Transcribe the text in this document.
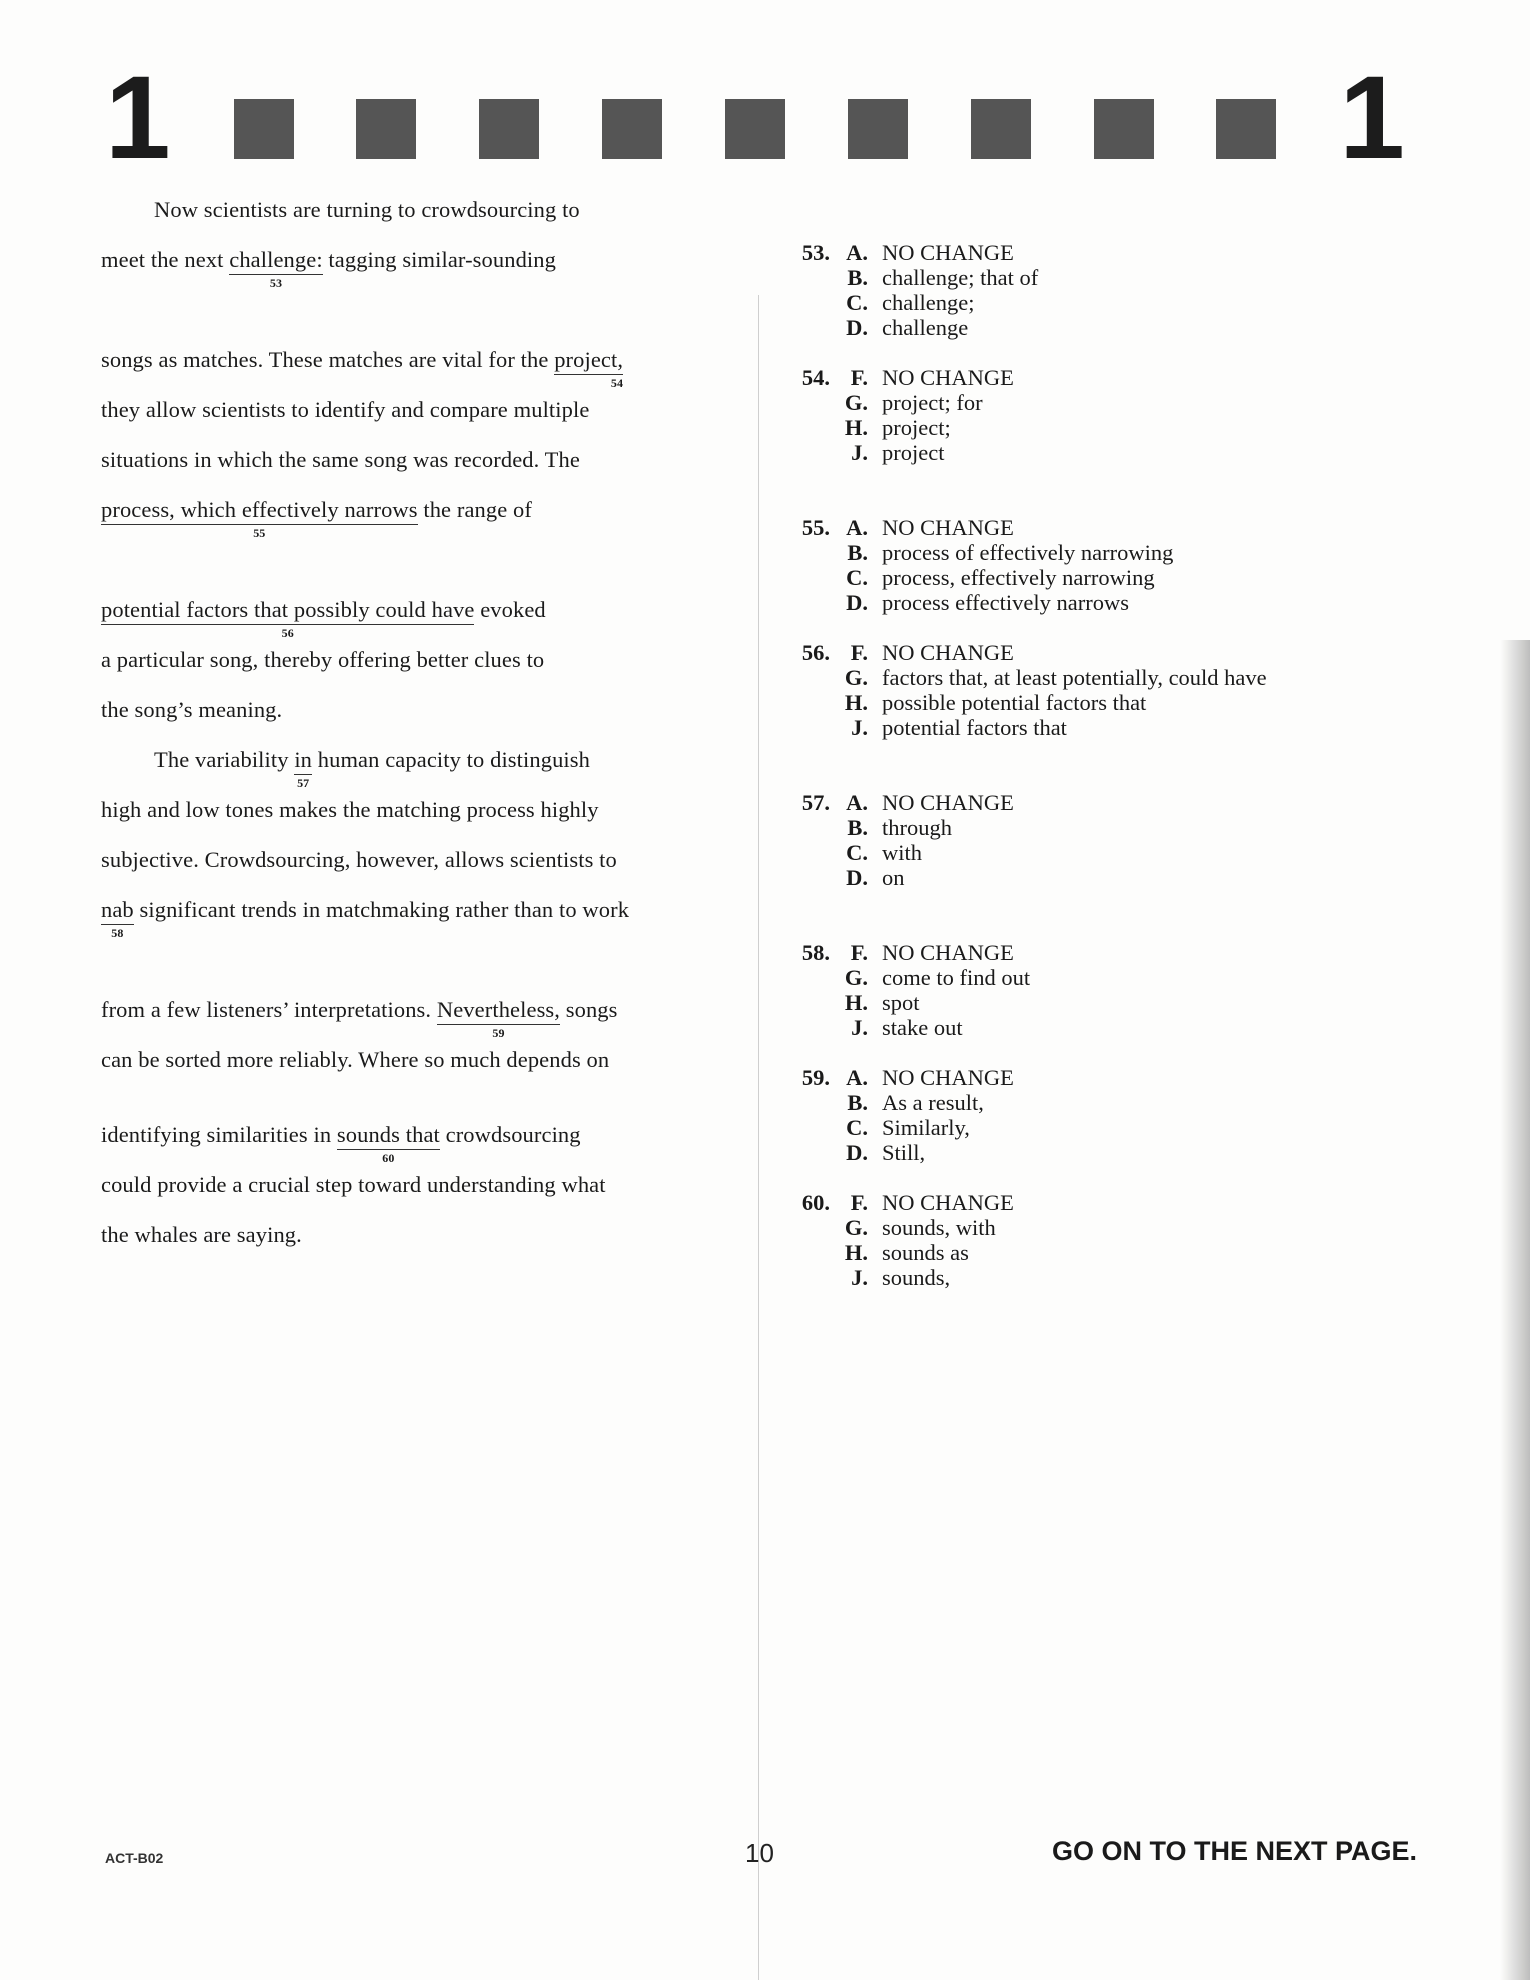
1	1
Now scientists are turning to crowdsourcing to
meet the next challenge:
53
tagging similar-sounding
songs as matches. These matches are vital for the project,
54
they allow scientists to identify and compare multiple
situations in which the same song was recorded. The
process, which effectively narrows
55
the range of
potential factors that possibly could have
56
evoked
a particular song, thereby offering better clues to
the song’s meaning.
The variability in
57
human capacity to distinguish
high and low tones makes the matching process highly
subjective. Crowdsourcing, however, allows scientists to
nab
58
significant trends in matchmaking rather than to work
from a few listeners’ interpretations. Nevertheless,
59
songs
can be sorted more reliably. Where so much depends on
identifying similarities in sounds that
60
crowdsourcing
could provide a crucial step toward understanding what
the whales are saying.
53. A. NO CHANGE
B. challenge; that of
C. challenge;
D. challenge
54. F. NO CHANGE
G. project; for
H. project;
J. project
55. A. NO CHANGE
B. process of effectively narrowing
C. process, effectively narrowing
D. process effectively narrows
56. F. NO CHANGE
G. factors that, at least potentially, could have
H. possible potential factors that
J. potential factors that
57. A. NO CHANGE
B. through
C. with
D. on
58. F. NO CHANGE
G. come to find out
H. spot
J. stake out
59. A. NO CHANGE
B. As a result,
C. Similarly,
D. Still,
60. F. NO CHANGE
G. sounds, with
H. sounds as
J. sounds,
ACT-B02	10	GO ON TO THE NEXT PAGE.
